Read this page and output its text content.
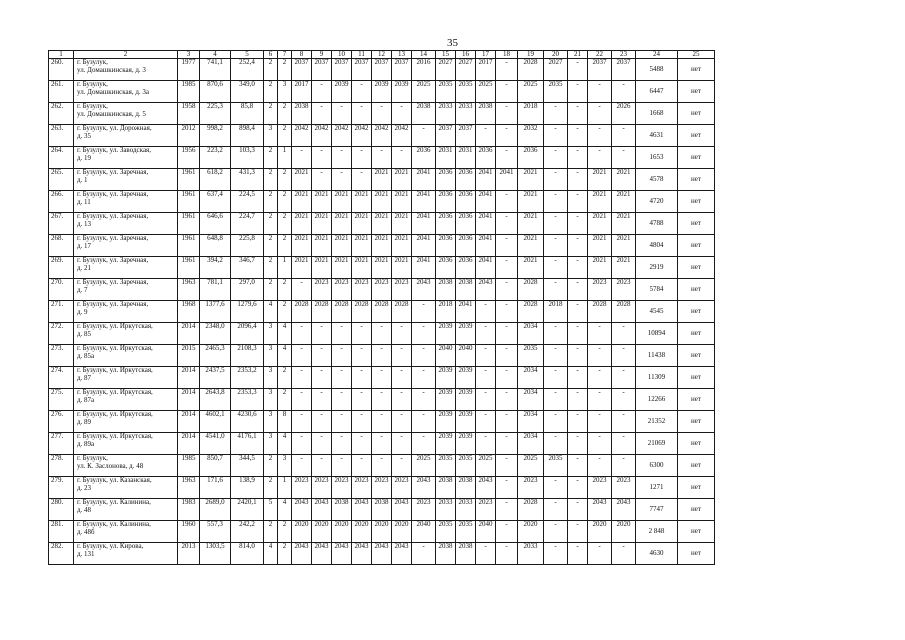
35
1	2	3	4	5	6	7	8	9	10	11	12	13	14	15	16	17	18	19	20	21	22	23	24	25
260.	г. Бузулук,
ул. Домашкинская, д. 3	1977	741,1	252,4	2	2	2037	2037	2037	2037	2037	2037	2016	2027	2027	2017	-	2028	2027	-	2037	2037	5488	нет
261.	г. Бузулук,
ул. Домашкинская, д. 3а	1985	870,6	349,0	2	3	2017	-	2039	-	2039	2039	2025	2035	2035	2025	-	2025	2035	-	-	-	6447	нет
262.	г. Бузулук,
ул. Домашкинская, д. 5	1958	225,3	85,8	2	2	2038	-	-	-	-	-	2038	2033	2033	2038	-	2018	-	-	-	2026	1668	нет
263.	г. Бузулук, ул. Дорожная,
д. 35	2012	998,2	898,4	3	2	2042	2042	2042	2042	2042	2042	-	2037	2037	-	-	2032	-	-	-	-	4631	нет
264.	г. Бузулук, ул. Заводская,
д. 19	1956	223,2	103,3	2	1	-	-	-	-	-	-	2036	2031	2031	2036	-	2036	-	-	-	-	1653	нет
265.	г. Бузулук, ул. Заречная,
д. 1	1961	618,2	431,3	2	2	2021	-	-	-	2021	2021	2041	2036	2036	2041	2041	2021	-	-	2021	2021	4578	нет
266.	г. Бузулук, ул. Заречная,
д. 11	1961	637,4	224,5	2	2	2021	2021	2021	2021	2021	2021	2041	2036	2036	2041	-	2021	-	-	2021	2021	4720	нет
267.	г. Бузулук, ул. Заречная,
д. 13	1961	646,6	224,7	2	2	2021	2021	2021	2021	2021	2021	2041	2036	2036	2041	-	2021	-	-	2021	2021	4788	нет
268.	г. Бузулук, ул. Заречная,
д. 17	1961	648,8	225,8	2	2	2021	2021	2021	2021	2021	2021	2041	2036	2036	2041	-	2021	-	-	2021	2021	4804	нет
269.	г. Бузулук, ул. Заречная,
д. 21	1961	394,2	346,7	2	1	2021	2021	2021	2021	2021	2021	2041	2036	2036	2041	-	2021	-	-	2021	2021	2919	нет
270.	г. Бузулук, ул. Заречная,
д. 7	1963	781,1	297,0	2	2	-	2023	2023	2023	2023	2023	2043	2038	2038	2043	-	2028	-	-	2023	2023	5784	нет
271.	г. Бузулук, ул. Заречная,
д. 9	1968	1377,6	1279,6	4	2	2028	2028	2028	2028	2028	2028	-	2018	2041	-	-	2028	2018	-	2028	2028	4545	нет
272.	г. Бузулук, ул. Иркутская,
д. 85	2014	2348,0	2096,4	3	4	-	-	-	-	-	-	-	2039	2039	-	-	2034	-	-	-	-	10894	нет
273.	г. Бузулук, ул. Иркутская,
д. 85а	2015	2465,3	2108,3	3	4	-	-	-	-	-	-	-	2040	2040	-	-	2035	-	-	-	-	11438	нет
274.	г. Бузулук, ул. Иркутская,
д. 87	2014	2437,5	2353,2	3	2	-	-	-	-	-	-	-	2039	2039	-	-	2034	-	-	-	-	11309	нет
275.	г. Бузулук, ул. Иркутская,
д. 87а	2014	2643,8	2353,3	3	2	-	-	-	-	-	-	-	2039	2039	-	-	2034	-	-	-	-	12266	нет
276.	г. Бузулук, ул. Иркутская,
д. 89	2014	4602,1	4230,6	3	8	-	-	-	-	-	-	-	2039	2039	-	-	2034	-	-	-	-	21352	нет
277.	г. Бузулук, ул. Иркутская,
д. 89а	2014	4541,0	4176,1	3	4	-	-	-	-	-	-	-	2039	2039	-	-	2034	-	-	-	-	21069	нет
278.	г. Бузулук,
ул. К. Заслонова, д. 48	1985	850,7	344,5	2	3	-	-	-	-	-	-	2025	2035	2035	2025	-	2025	2035	-	-	-	6300	нет
279.	г. Бузулук, ул. Казанская,
д. 23	1963	171,6	138,9	2	1	2023	2023	2023	2023	2023	2023	2043	2038	2038	2043	-	2023	-	-	2023	2023	1271	нет
280.	г. Бузулук, ул. Калинина,
д. 48	1983	2689,0	2420,1	5	4	2043	2043	2038	2043	2038	2043	2023	2033	2033	2023	-	2028	-	-	2043	2043	7747	нет
281.	г. Бузулук, ул. Калинина,
д. 48б	1960	557,3	242,2	2	2	2020	2020	2020	2020	2020	2020	2040	2035	2035	2040	-	2020	-	-	2020	2020	2 848	нет
282.	г. Бузулук, ул. Кирова,
д. 131	2013	1303,5	814,0	4	2	2043	2043	2043	2043	2043	2043	-	2038	2038	-	-	2033	-	-	-	-	4630	нет
